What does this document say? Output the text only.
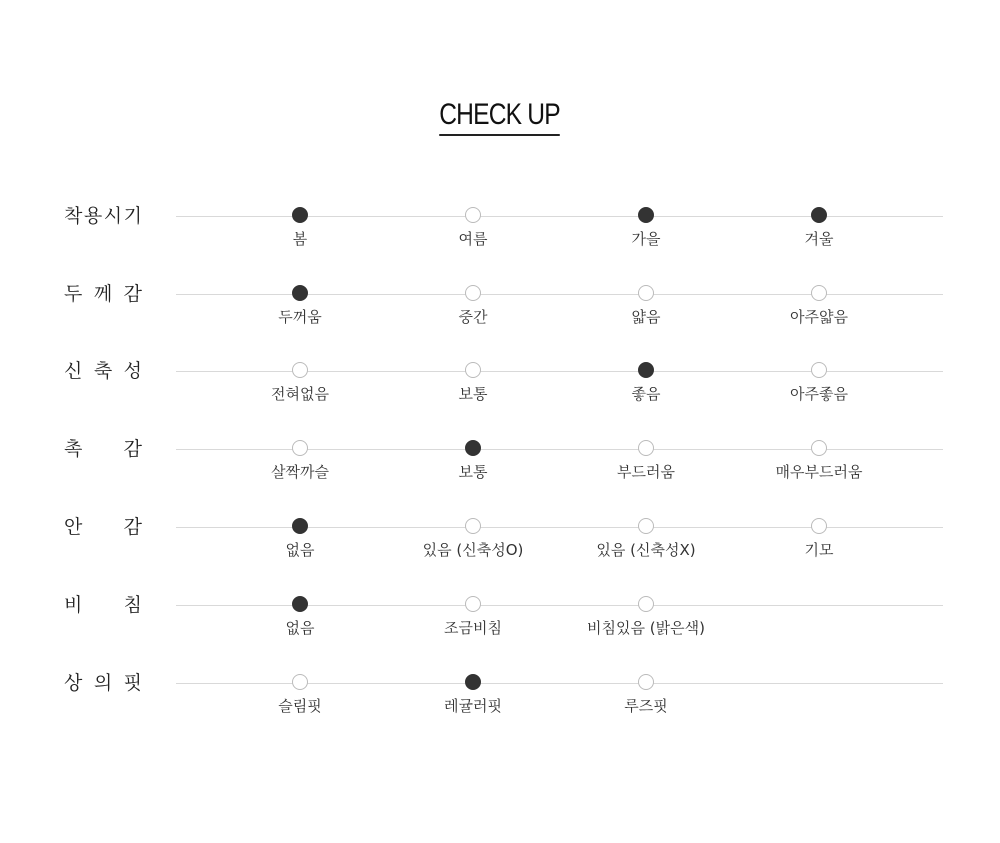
CHECK UP
착 용 시 기
봄	여름	가을	겨울
두 께 감
두꺼움	중간	얇음	아주얇음
신 축 성
전혀없음	보통	좋음	아주좋음
촉 감
살짝까슬	보통	부드러움	매우부드러움
안 감
없음	있음 (신축성O)	있음 (신축성X)	기모
비 침
없음	조금비침	비침있음 (밝은색)
상 의 핏
슬림핏	레귤러핏	루즈핏
